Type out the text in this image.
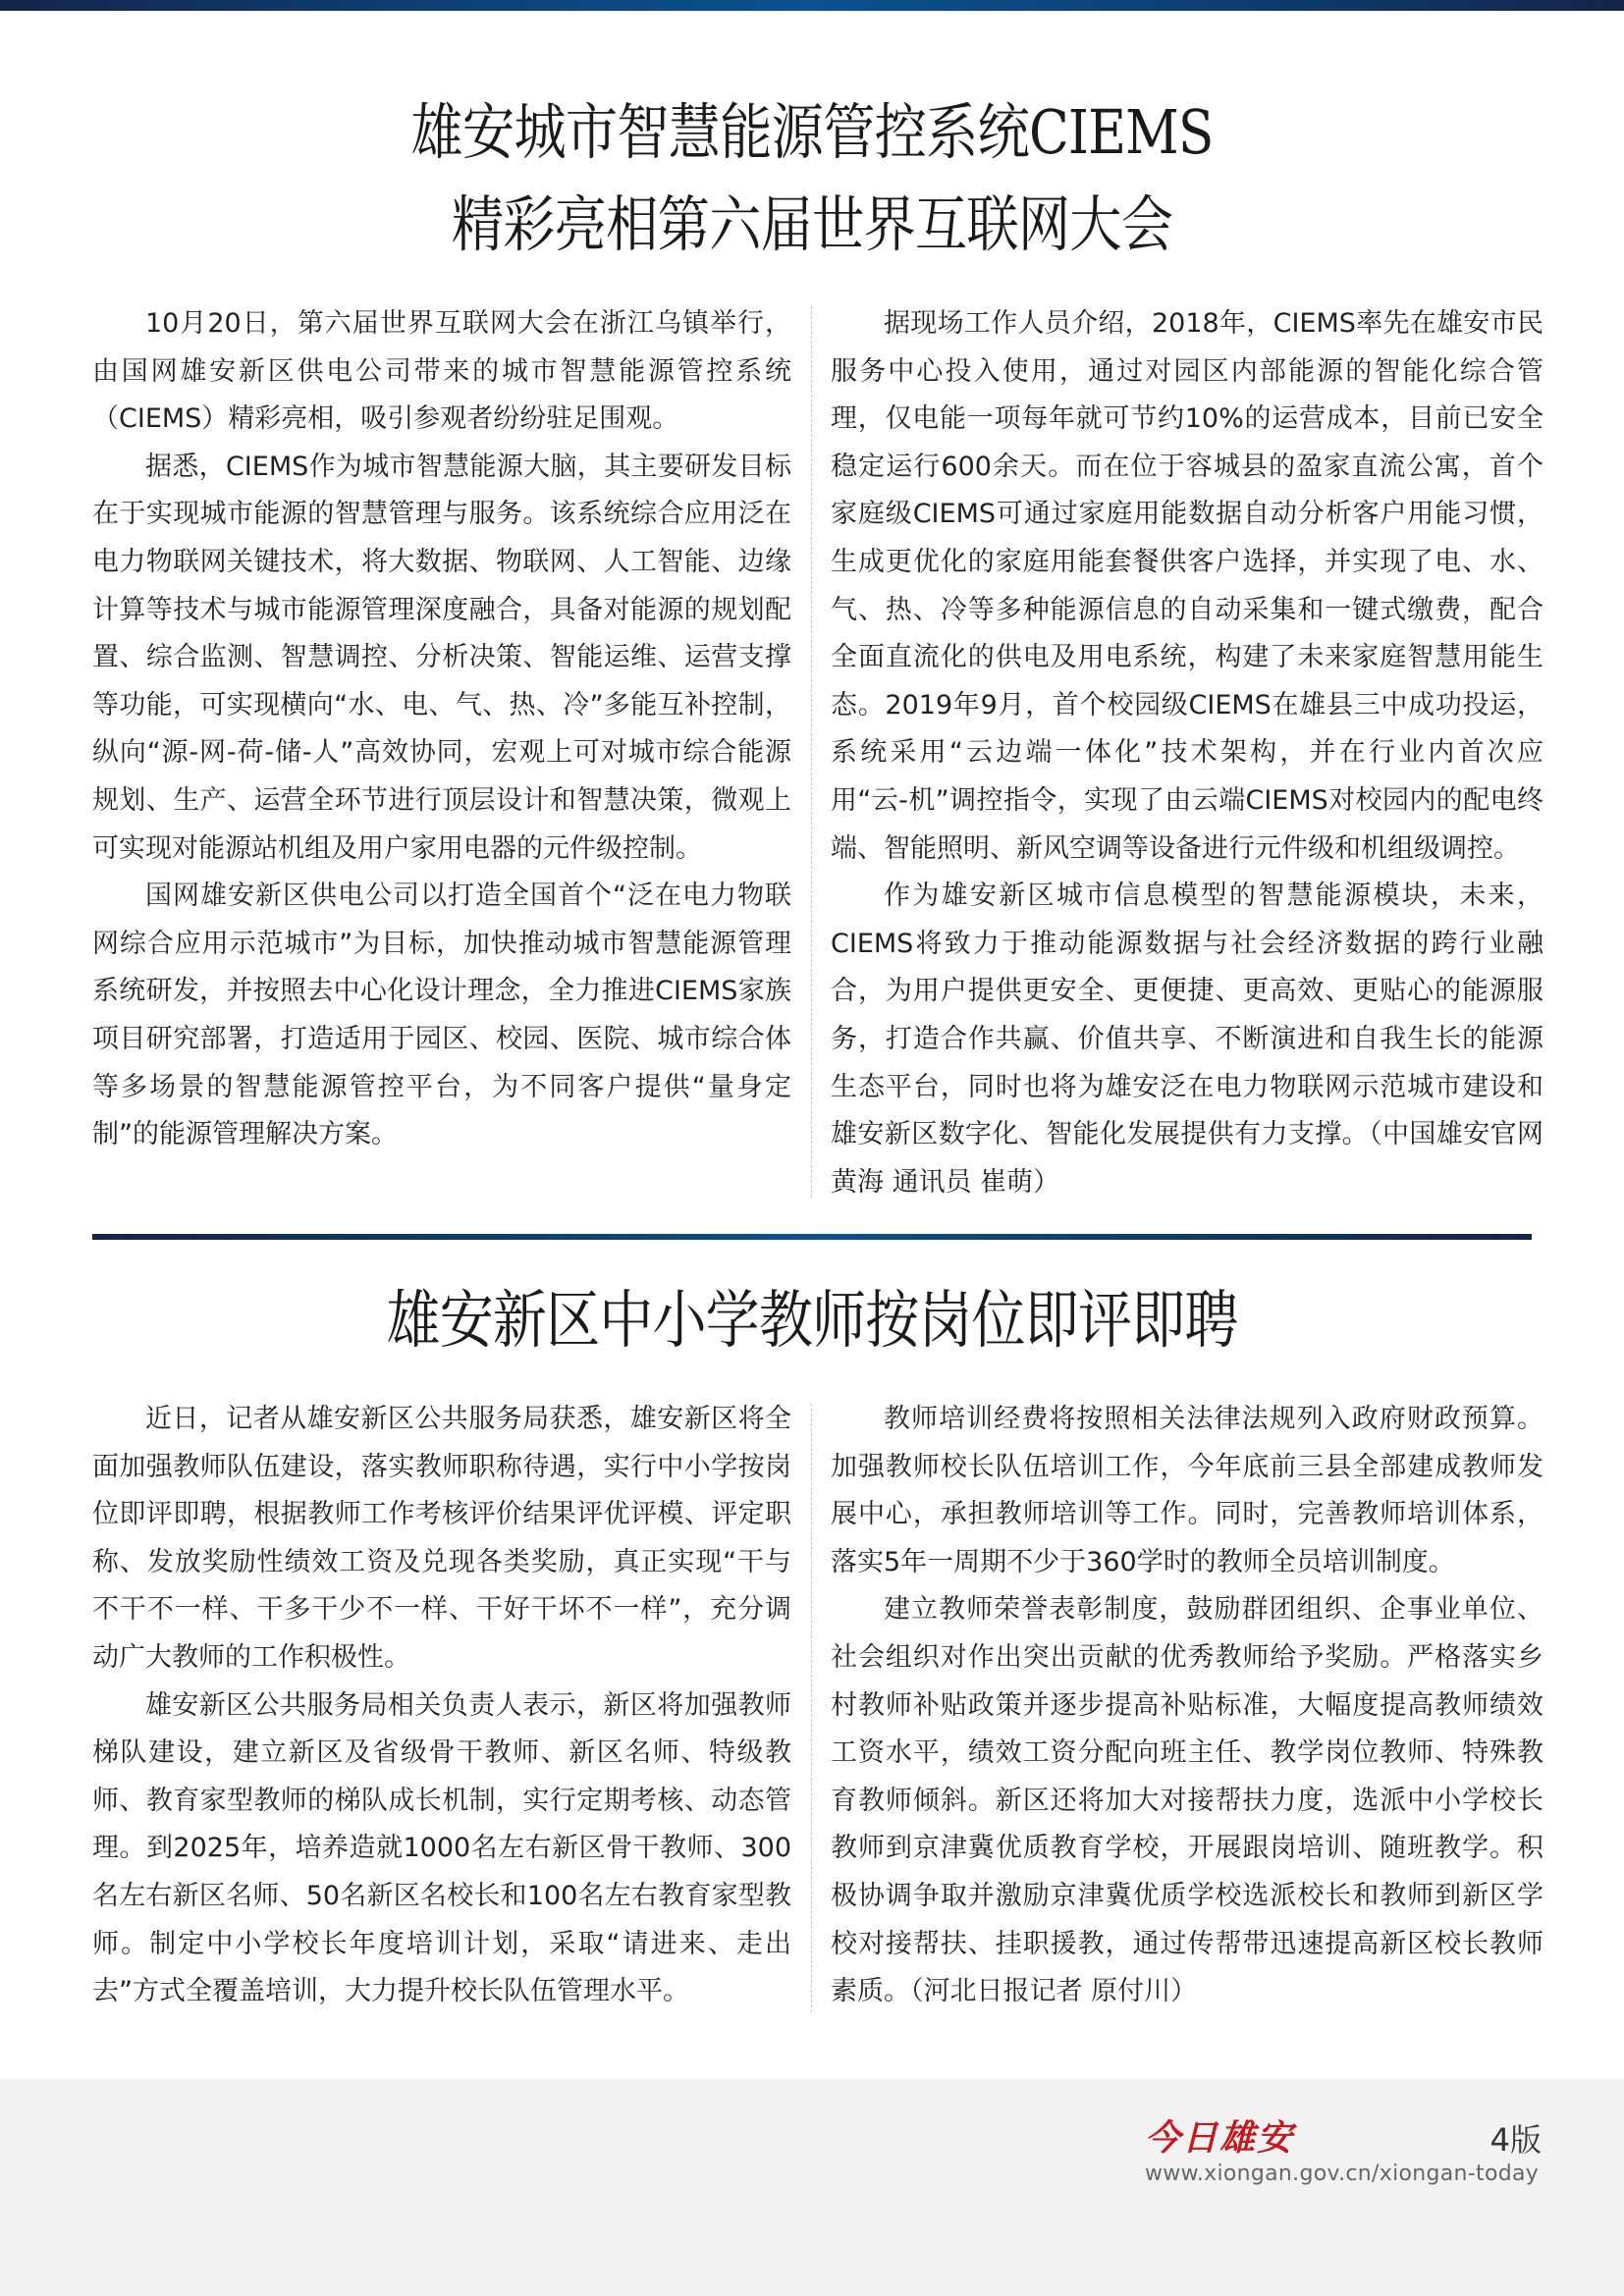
雄安城市智慧能源管控系统CIEMS
精彩亮相第六届世界互联网大会

10月20日，第六届世界互联网大会在浙江乌镇举行，由国网雄安新区供电公司带来的城市智慧能源管控系统（CIEMS）精彩亮相，吸引参观者纷纷驻足围观。

据悉，CIEMS作为城市智慧能源大脑，其主要研发目标在于实现城市能源的智慧管理与服务。该系统综合应用泛在电力物联网关键技术，将大数据、物联网、人工智能、边缘计算等技术与城市能源管理深度融合，具备对能源的规划配置、综合监测、智慧调控、分析决策、智能运维、运营支撑等功能，可实现横向“水、电、气、热、冷”多能互补控制，纵向“源-网-荷-储-人”高效协同，宏观上可对城市综合能源规划、生产、运营全环节进行顶层设计和智慧决策，微观上可实现对能源站机组及用户家用电器的元件级控制。

国网雄安新区供电公司以打造全国首个“泛在电力物联网综合应用示范城市”为目标，加快推动城市智慧能源管理系统研发，并按照去中心化设计理念，全力推进CIEMS家族项目研究部署，打造适用于园区、校园、医院、城市综合体等多场景的智慧能源管控平台，为不同客户提供“量身定制”的能源管理解决方案。

据现场工作人员介绍，2018年，CIEMS率先在雄安市民服务中心投入使用，通过对园区内部能源的智能化综合管理，仅电能一项每年就可节约10%的运营成本，目前已安全稳定运行600余天。而在位于容城县的盈家直流公寓，首个家庭级CIEMS可通过家庭用能数据自动分析客户用能习惯，生成更优化的家庭用能套餐供客户选择，并实现了电、水、气、热、冷等多种能源信息的自动采集和一键式缴费，配合全面直流化的供电及用电系统，构建了未来家庭智慧用能生态。2019年9月，首个校园级CIEMS在雄县三中成功投运，系统采用“云边端一体化”技术架构，并在行业内首次应用“云-机”调控指令，实现了由云端CIEMS对校园内的配电终端、智能照明、新风空调等设备进行元件级和机组级调控。

作为雄安新区城市信息模型的智慧能源模块，未来，CIEMS将致力于推动能源数据与社会经济数据的跨行业融合，为用户提供更安全、更便捷、更高效、更贴心的能源服务，打造合作共赢、价值共享、不断演进和自我生长的能源生态平台，同时也将为雄安泛在电力物联网示范城市建设和雄安新区数字化、智能化发展提供有力支撑。（中国雄安官网 黄海 通讯员 崔萌）

雄安新区中小学教师按岗位即评即聘

近日，记者从雄安新区公共服务局获悉，雄安新区将全面加强教师队伍建设，落实教师职称待遇，实行中小学按岗位即评即聘，根据教师工作考核评价结果评优评模、评定职称、发放奖励性绩效工资及兑现各类奖励，真正实现“干与不干不一样、干多干少不一样、干好干坏不一样”，充分调动广大教师的工作积极性。

雄安新区公共服务局相关负责人表示，新区将加强教师梯队建设，建立新区及省级骨干教师、新区名师、特级教师、教育家型教师的梯队成长机制，实行定期考核、动态管理。到2025年，培养造就1000名左右新区骨干教师、300名左右新区名师、50名新区名校长和100名左右教育家型教师。制定中小学校长年度培训计划，采取“请进来、走出去”方式全覆盖培训，大力提升校长队伍管理水平。

教师培训经费将按照相关法律法规列入政府财政预算。加强教师校长队伍培训工作，今年底前三县全部建成教师发展中心，承担教师培训等工作。同时，完善教师培训体系，落实5年一周期不少于360学时的教师全员培训制度。

建立教师荣誉表彰制度，鼓励群团组织、企事业单位、社会组织对作出突出贡献的优秀教师给予奖励。严格落实乡村教师补贴政策并逐步提高补贴标准，大幅度提高教师绩效工资水平，绩效工资分配向班主任、教学岗位教师、特殊教育教师倾斜。新区还将加大对接帮扶力度，选派中小学校长教师到京津冀优质教育学校，开展跟岗培训、随班教学。积极协调争取并激励京津冀优质学校选派校长和教师到新区学校对接帮扶、挂职援教，通过传帮带迅速提高新区校长教师素质。（河北日报记者 原付川）

今日雄安	4版
www.xiongan.gov.cn/xiongan-today
